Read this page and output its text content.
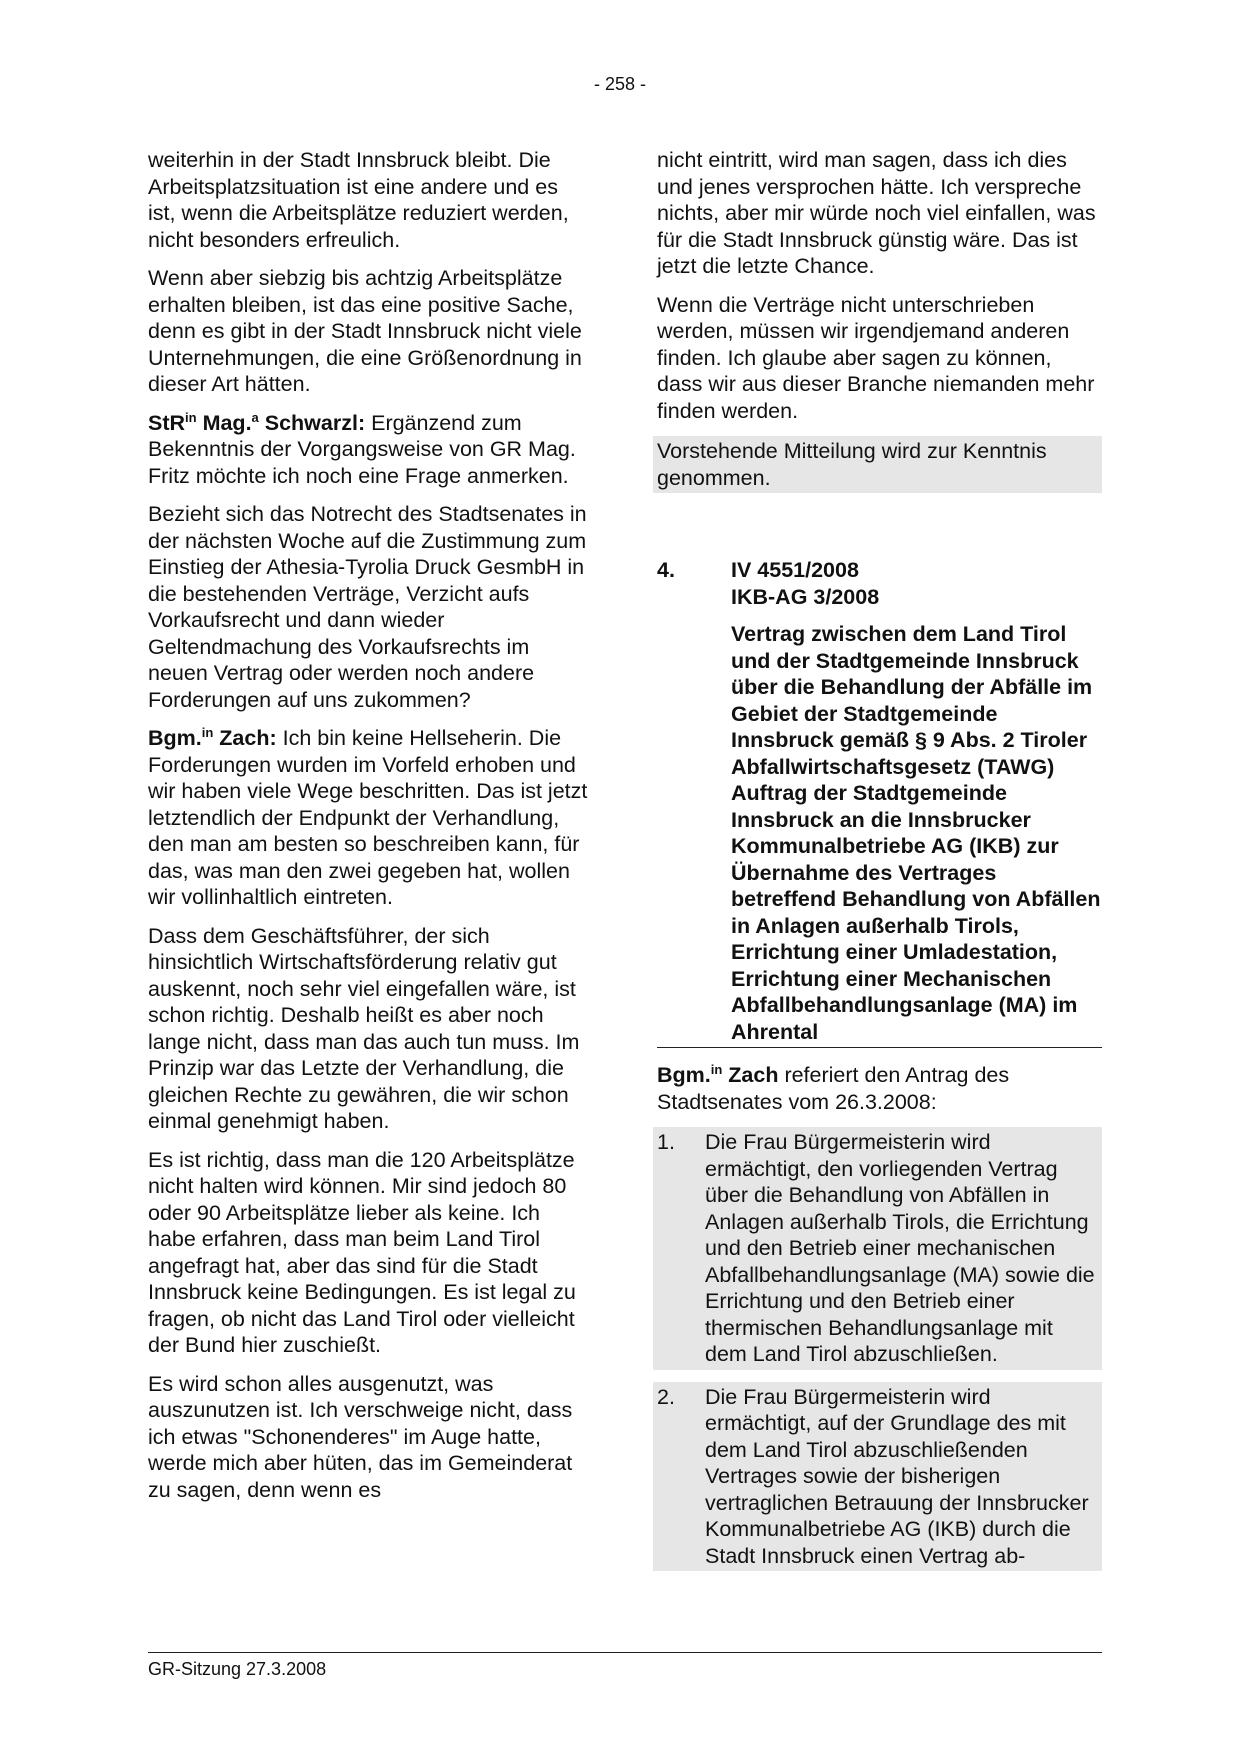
- 258 -

weiterhin in der Stadt Innsbruck bleibt. Die Arbeitsplatzsituation ist eine andere und es ist, wenn die Arbeitsplätze reduziert werden, nicht besonders erfreulich.

Wenn aber siebzig bis achtzig Arbeitsplätze erhalten bleiben, ist das eine positive Sache, denn es gibt in der Stadt Innsbruck nicht viele Unternehmungen, die eine Größenordnung in dieser Art hätten.

StR$^{in}$ Mag.$^a$ Schwarzl: Ergänzend zum Bekenntnis der Vorgangsweise von GR Mag. Fritz möchte ich noch eine Frage anmerken.

Bezieht sich das Notrecht des Stadtsenates in der nächsten Woche auf die Zustimmung zum Einstieg der Athesia-Tyrolia Druck GesmbH in die bestehenden Verträge, Verzicht aufs Vorkaufsrecht und dann wieder Geltendmachung des Vorkaufsrechts im neuen Vertrag oder werden noch andere Forderungen auf uns zukommen?

Bgm.$^{in}$ Zach: Ich bin keine Hellseherin. Die Forderungen wurden im Vorfeld erhoben und wir haben viele Wege beschritten. Das ist jetzt letztendlich der Endpunkt der Verhandlung, den man am besten so beschreiben kann, für das, was man den zwei gegeben hat, wollen wir vollinhaltlich eintreten.

Dass dem Geschäftsführer, der sich hinsichtlich Wirtschaftsförderung relativ gut auskennt, noch sehr viel eingefallen wäre, ist schon richtig. Deshalb heißt es aber noch lange nicht, dass man das auch tun muss. Im Prinzip war das Letzte der Verhandlung, die gleichen Rechte zu gewähren, die wir schon einmal genehmigt haben.

Es ist richtig, dass man die 120 Arbeitsplätze nicht halten wird können. Mir sind jedoch 80 oder 90 Arbeitsplätze lieber als keine. Ich habe erfahren, dass man beim Land Tirol angefragt hat, aber das sind für die Stadt Innsbruck keine Bedingungen. Es ist legal zu fragen, ob nicht das Land Tirol oder vielleicht der Bund hier zuschießt.

Es wird schon alles ausgenutzt, was auszunutzen ist. Ich verschweige nicht, dass ich etwas "Schonenderes" im Auge hatte, werde mich aber hüten, das im Gemeinderat zu sagen, denn wenn es

nicht eintritt, wird man sagen, dass ich dies und jenes versprochen hätte. Ich verspreche nichts, aber mir würde noch viel einfallen, was für die Stadt Innsbruck günstig wäre. Das ist jetzt die letzte Chance.

Wenn die Verträge nicht unterschrieben werden, müssen wir irgendjemand anderen finden. Ich glaube aber sagen zu können, dass wir aus dieser Branche niemanden mehr finden werden.

Vorstehende Mitteilung wird zur Kenntnis genommen.

4.	IV 4551/2008
IKB-AG 3/2008
Vertrag zwischen dem Land Tirol und der Stadtgemeinde Innsbruck über die Behandlung der Abfälle im Gebiet der Stadtgemeinde Innsbruck gemäß § 9 Abs. 2 Tiroler Abfallwirtschaftsgesetz (TAWG) Auftrag der Stadtgemeinde Innsbruck an die Innsbrucker Kommunalbetriebe AG (IKB) zur Übernahme des Vertrages betreffend Behandlung von Abfällen in Anlagen außerhalb Tirols, Errichtung einer Umladestation, Errichtung einer Mechanischen Abfallbehandlungsanlage (MA) im Ahrental

Bgm.$^{in}$ Zach referiert den Antrag des Stadtsenates vom 26.3.2008:

1.	Die Frau Bürgermeisterin wird ermächtigt, den vorliegenden Vertrag über die Behandlung von Abfällen in Anlagen außerhalb Tirols, die Errichtung und den Betrieb einer mechanischen Abfallbehandlungsanlage (MA) sowie die Errichtung und den Betrieb einer thermischen Behandlungsanlage mit dem Land Tirol abzuschließen.
2.	Die Frau Bürgermeisterin wird ermächtigt, auf der Grundlage des mit dem Land Tirol abzuschließenden Vertrages sowie der bisherigen vertraglichen Betrauung der Innsbrucker Kommunalbetriebe AG (IKB) durch die Stadt Innsbruck einen Vertrag ab-
GR-Sitzung 27.3.2008
